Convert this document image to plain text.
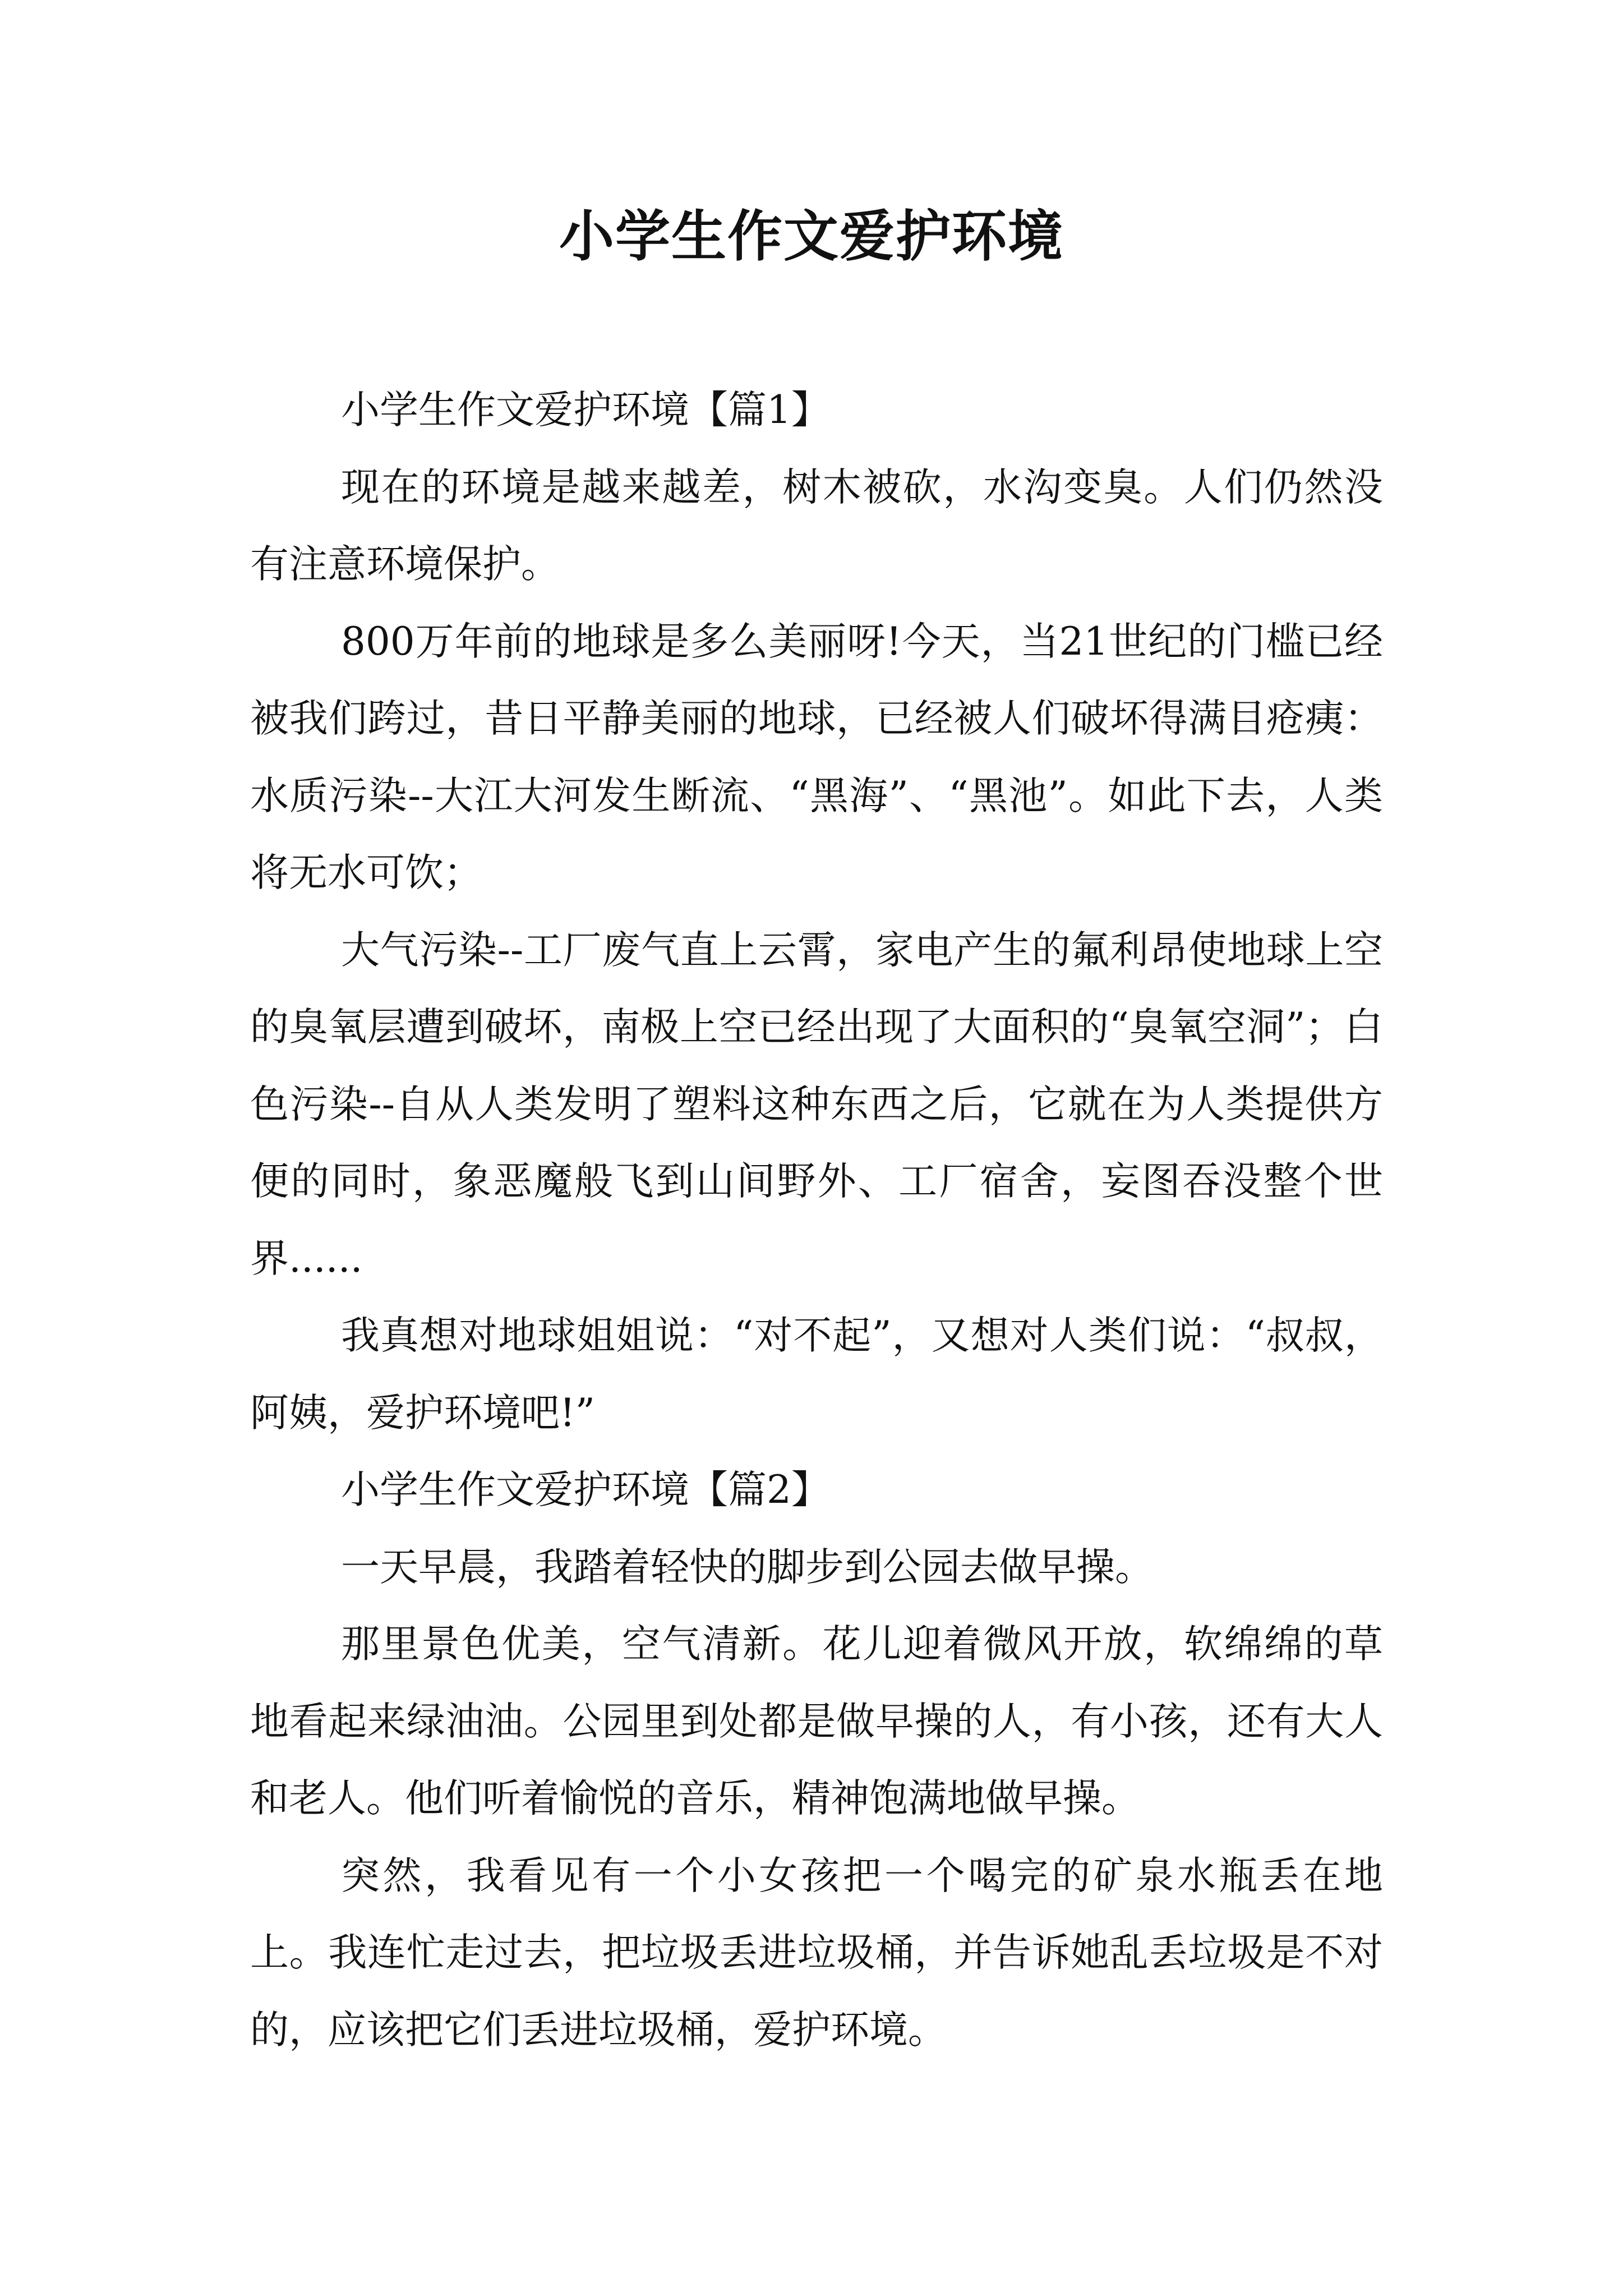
小学生作文爱护环境

小学生作文爱护环境【篇1】

现在的环境是越来越差，树木被砍，水沟变臭。人们仍然没有注意环境保护。

800万年前的地球是多么美丽呀!今天，当21世纪的门槛已经被我们跨过，昔日平静美丽的地球，已经被人们破坏得满目疮痍：水质污染--大江大河发生断流、“黑海”、“黑池”。如此下去，人类将无水可饮；

大气污染--工厂废气直上云霄，家电产生的氟利昂使地球上空的臭氧层遭到破坏，南极上空已经出现了大面积的“臭氧空洞”；白色污染--自从人类发明了塑料这种东西之后，它就在为人类提供方便的同时，象恶魔般飞到山间野外、工厂宿舍，妄图吞没整个世界......

我真想对地球姐姐说：“对不起”，又想对人类们说：“叔叔，阿姨，爱护环境吧!”

小学生作文爱护环境【篇2】

一天早晨，我踏着轻快的脚步到公园去做早操。

那里景色优美，空气清新。花儿迎着微风开放，软绵绵的草地看起来绿油油。公园里到处都是做早操的人，有小孩，还有大人和老人。他们听着愉悦的音乐，精神饱满地做早操。

突然，我看见有一个小女孩把一个喝完的矿泉水瓶丢在地上。我连忙走过去，把垃圾丢进垃圾桶，并告诉她乱丢垃圾是不对的，应该把它们丢进垃圾桶，爱护环境。
